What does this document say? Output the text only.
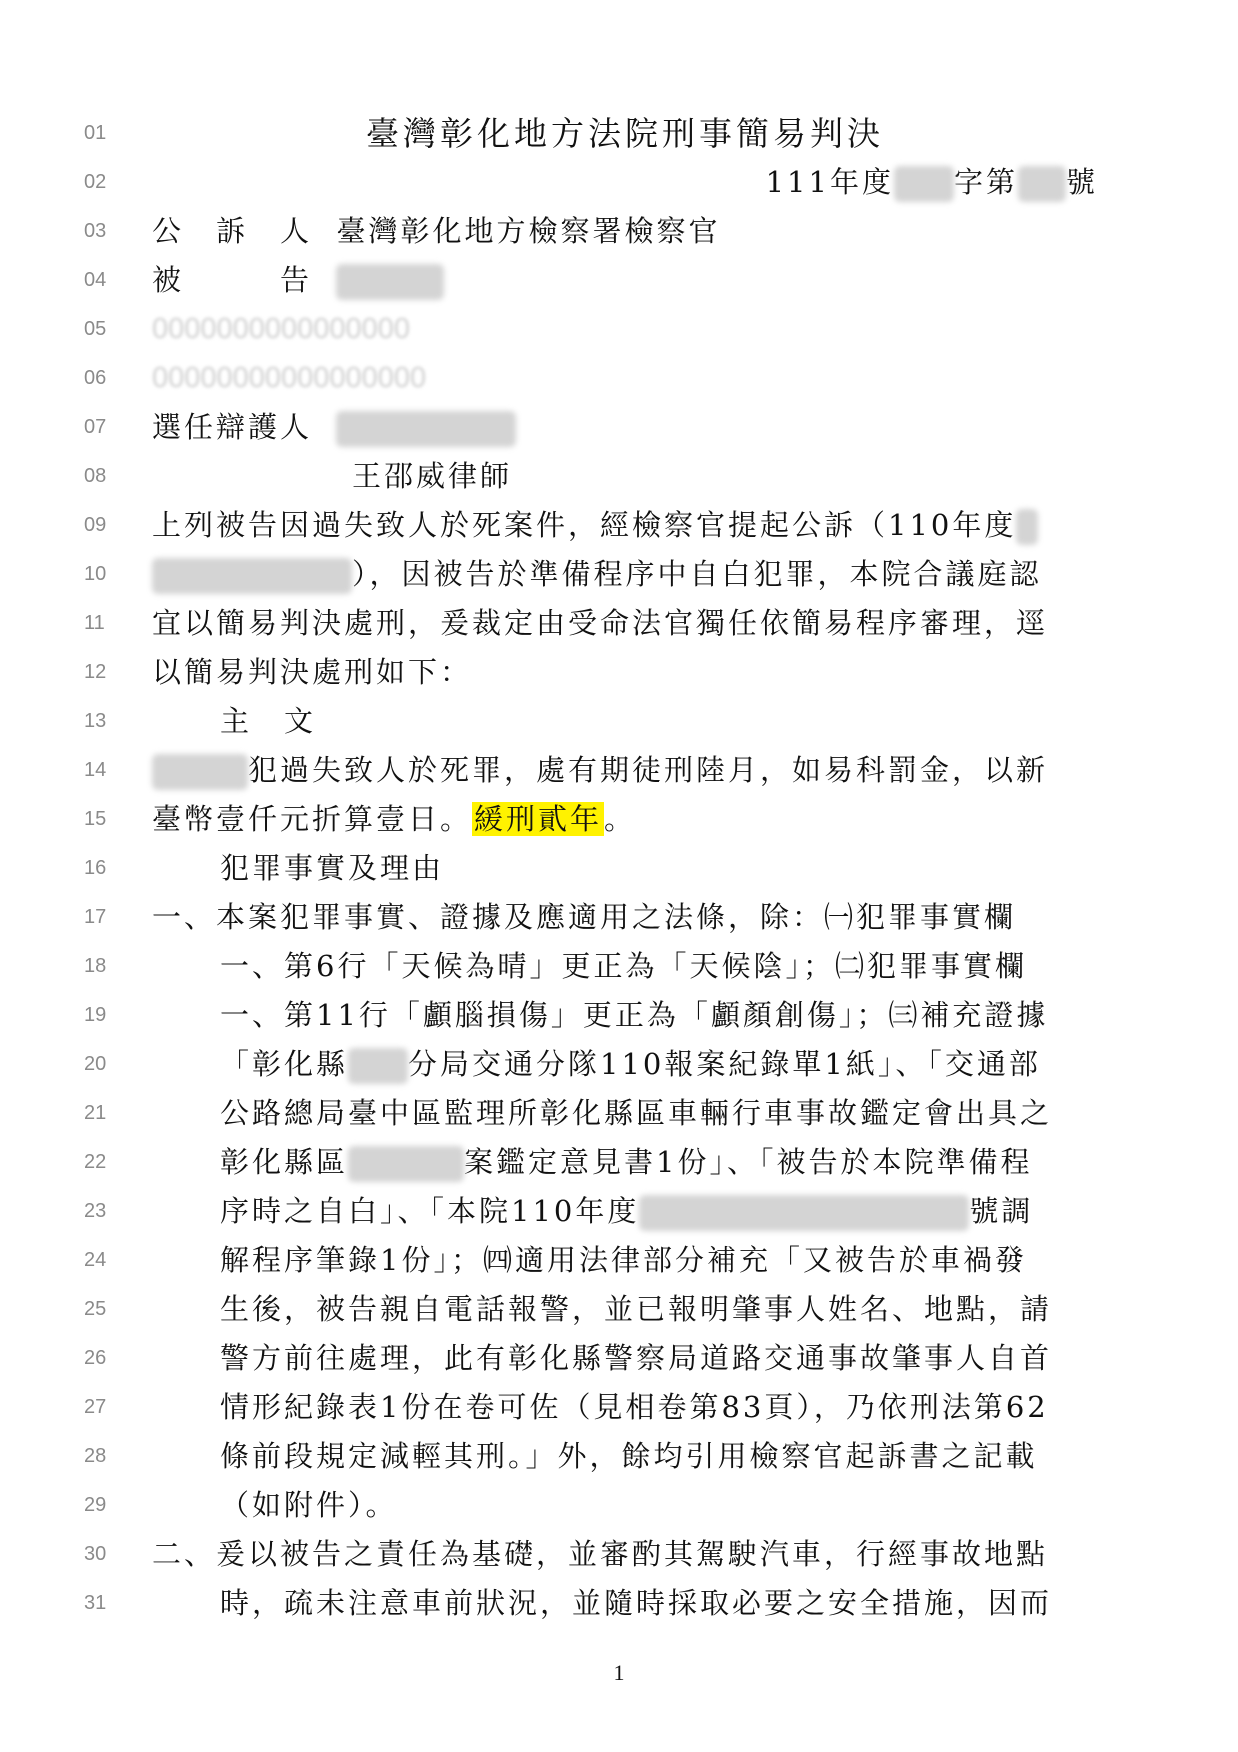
01	臺灣彰化地方法院刑事簡易判決
02	111年度 字第 號
03	公　訴　人 臺灣彰化地方檢察署檢察官
04	被　　　告
05	0000000000000000
06	00000000000000000
07	選任辯護人
08	王邵威律師
09	上列被告因過失致人於死案件，經檢察官提起公訴（110年度
10	），因被告於準備程序中自白犯罪，本院合議庭認
11	宜以簡易判決處刑，爰裁定由受命法官獨任依簡易程序審理，逕
12	以簡易判決處刑如下：
13	主　文
14	犯過失致人於死罪，處有期徒刑陸月，如易科罰金，以新
15	臺幣壹仟元折算壹日。緩刑貳年。
16	犯罪事實及理由
17	一、本案犯罪事實、證據及應適用之法條，除：㈠犯罪事實欄
18	一、第6行「天候為晴」更正為「天候陰」；㈡犯罪事實欄
19	一、第11行「顱腦損傷」更正為「顱顏創傷」；㈢補充證據
20	「彰化縣 分局交通分隊110報案紀錄單1紙」、「交通部
21	公路總局臺中區監理所彰化縣區車輛行車事故鑑定會出具之
22	彰化縣區	案鑑定意見書1份」、「被告於本院準備程
23	序時之自白」、「本院110年度	號調
24	解程序筆錄1份」；㈣適用法律部分補充「又被告於車禍發
25	生後，被告親自電話報警，並已報明肇事人姓名、地點，請
26	警方前往處理，此有彰化縣警察局道路交通事故肇事人自首
27	情形紀錄表1份在卷可佐（見相卷第83頁），乃依刑法第62
28	條前段規定減輕其刑。」外，餘均引用檢察官起訴書之記載
29	（如附件）。
30	二、爰以被告之責任為基礎，並審酌其駕駛汽車，行經事故地點
31	時，疏未注意車前狀況，並隨時採取必要之安全措施，因而
1
